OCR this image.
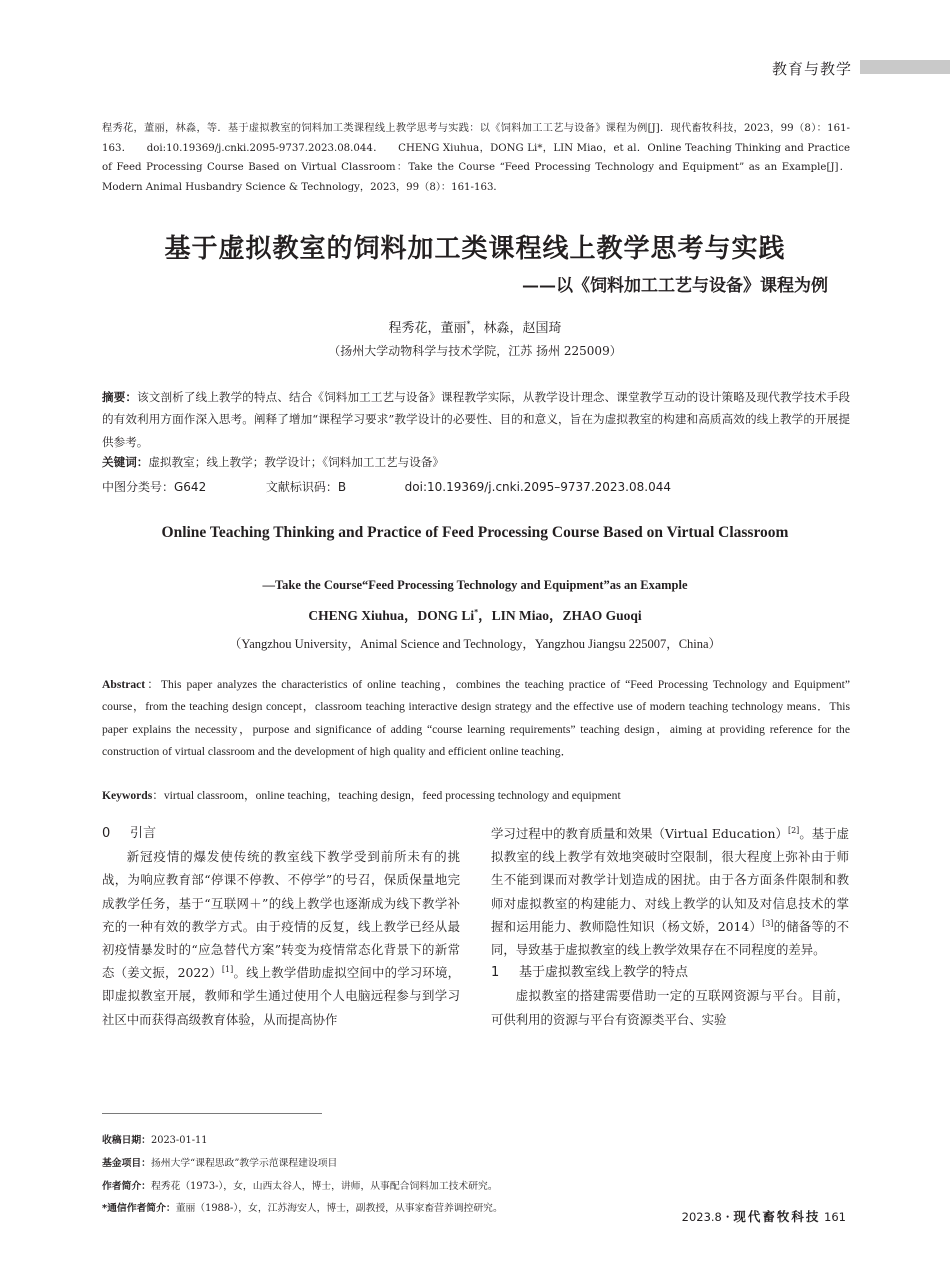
教育与教学
程秀花，董丽，林淼，等．基于虚拟教室的饲料加工类课程线上教学思考与实践：以《饲料加工工艺与设备》课程为例[J]．现代畜牧科技，2023，99（8）：161-163．    doi:10.19369/j.cnki.2095-9737.2023.08.044．    CHENG Xiuhua，DONG Li*，LIN Miao，et al．Online Teaching Thinking and Practice of Feed Processing Course Based on Virtual Classroom：Take the Course “Feed Processing Technology and Equipment” as an Example[J]．Modern Animal Husbandry Science & Technology，2023，99（8）：161-163．
基于虚拟教室的饲料加工类课程线上教学思考与实践
——以《饲料加工工艺与设备》课程为例
程秀花，董丽*，林淼，赵国琦
（扬州大学动物科学与技术学院，江苏 扬州 225009）
摘要：该文剖析了线上教学的特点、结合《饲料加工工艺与设备》课程教学实际，从教学设计理念、课堂教学互动的设计策略及现代教学技术手段的有效利用方面作深入思考。阐释了增加“课程学习要求”教学设计的必要性、目的和意义，旨在为虚拟教室的构建和高质高效的线上教学的开展提供参考。
关键词：虚拟教室；线上教学；教学设计；《饲料加工工艺与设备》
中图分类号：G642	文献标识码：B	doi:10.19369/j.cnki.2095–9737.2023.08.044
Online Teaching Thinking and Practice of Feed Processing Course Based on Virtual Classroom
—Take the Course“Feed Processing Technology and Equipment”as an Example
CHENG Xiuhua，DONG Li*，LIN Miao，ZHAO Guoqi
（Yangzhou University，Animal Science and Technology，Yangzhou Jiangsu 225007，China）
Abstract：This paper analyzes the characteristics of online teaching，combines the teaching practice of “Feed Processing Technology and Equipment” course，from the teaching design concept，classroom teaching interactive design strategy and the effective use of modern teaching technology means．This paper explains the necessity，purpose and significance of adding “course learning requirements” teaching design，aiming at providing reference for the construction of virtual classroom and the development of high quality and efficient online teaching．
Keywords：virtual classroom，online teaching，teaching design，feed processing technology and equipment
0 引言

新冠疫情的爆发使传统的教室线下教学受到前所未有的挑战，为响应教育部“停课不停教、不停学”的号召，保质保量地完成教学任务，基于“互联网＋”的线上教学也逐渐成为线下教学补充的一种有效的教学方式。由于疫情的反复，线上教学已经从最初疫情暴发时的“应急替代方案”转变为疫情常态化背景下的新常态（姜文振，2022）[1]。线上教学借助虚拟空间中的学习环境，即虚拟教室开展，教师和学生通过使用个人电脑远程参与到学习社区中而获得高级教育体验，从而提高协作

学习过程中的教育质量和效果（Virtual Education）[2]。基于虚拟教室的线上教学有效地突破时空限制，很大程度上弥补由于师生不能到课而对教学计划造成的困扰。由于各方面条件限制和教师对虚拟教室的构建能力、对线上教学的认知及对信息技术的掌握和运用能力、教师隐性知识（杨文娇，2014）[3]的储备等的不同，导致基于虚拟教室的线上教学效果存在不同程度的差异。

1 基于虚拟教室线上教学的特点

虚拟教室的搭建需要借助一定的互联网资源与平台。目前，可供利用的资源与平台有资源类平台、实验

收稿日期：2023-01-11
基金项目：扬州大学“课程思政”教学示范课程建设项目
作者简介：程秀花（1973-），女，山西太谷人，博士，讲师，从事配合饲料加工技术研究。
*通信作者简介：董丽（1988-），女，江苏海安人，博士，副教授，从事家畜营养调控研究。
2023.8・现代畜牧科技 161
